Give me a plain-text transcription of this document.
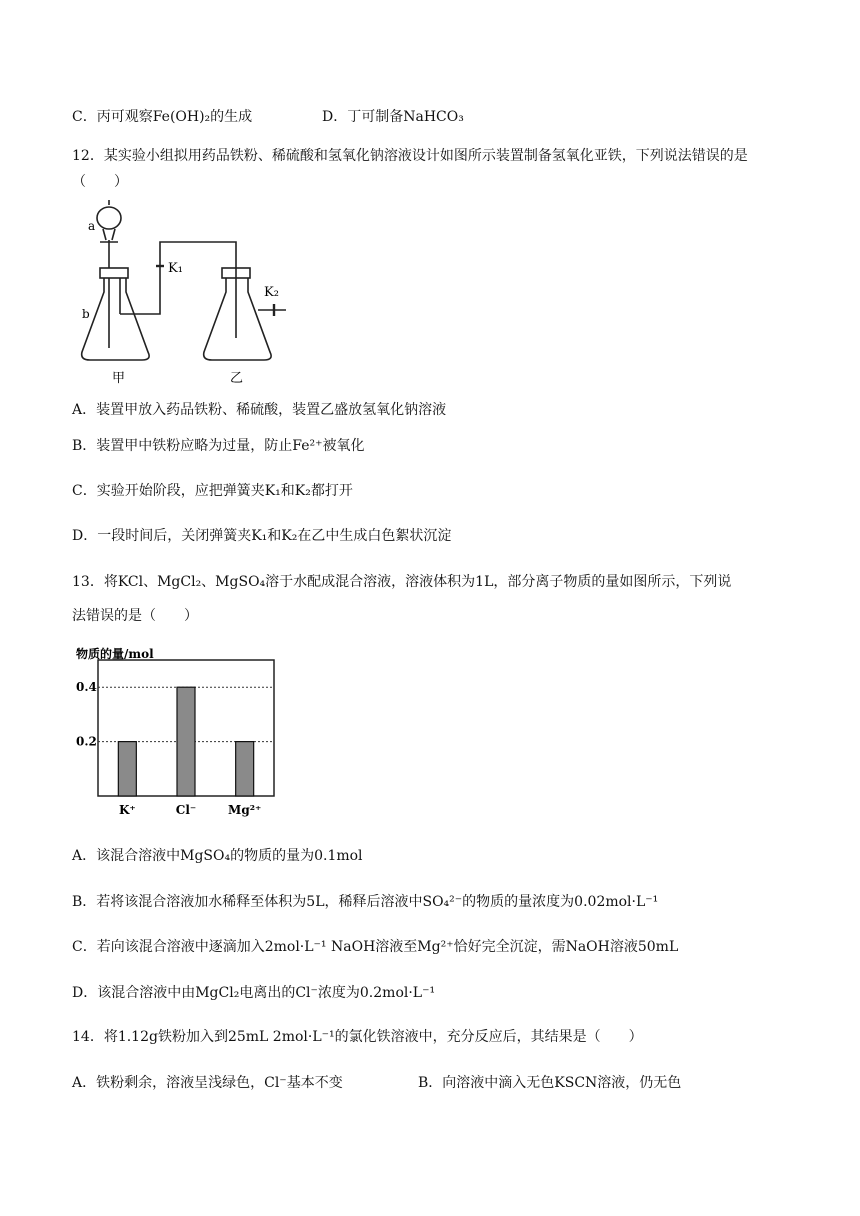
C．丙可观察Fe(OH)₂的生成	D．丁可制备NaHCO₃
12．某实验小组拟用药品铁粉、稀硫酸和氢氧化钠溶液设计如图所示装置制备氢氧化亚铁，下列说法错误的是
（　　）
a
b
K₁
K₂
甲	乙
A．装置甲放入药品铁粉、稀硫酸，装置乙盛放氢氧化钠溶液
B．装置甲中铁粉应略为过量，防止Fe²⁺被氧化
C．实验开始阶段，应把弹簧夹K₁和K₂都打开
D．一段时间后，关闭弹簧夹K₁和K₂在乙中生成白色絮状沉淀
13．将KCl、MgCl₂、MgSO₄溶于水配成混合溶液，溶液体积为1L，部分离子物质的量如图所示，下列说
法错误的是（　　）
物质的量/mol
0.2
0.4
K⁺	Cl⁻	Mg²⁺
A．该混合溶液中MgSO₄的物质的量为0.1mol
B．若将该混合溶液加水稀释至体积为5L，稀释后溶液中SO₄²⁻的物质的量浓度为0.02mol·L⁻¹
C．若向该混合溶液中逐滴加入2mol·L⁻¹ NaOH溶液至Mg²⁺恰好完全沉淀，需NaOH溶液50mL
D．该混合溶液中由MgCl₂电离出的Cl⁻浓度为0.2mol·L⁻¹
14．将1.12g铁粉加入到25mL 2mol·L⁻¹的氯化铁溶液中，充分反应后，其结果是（　　）
A．铁粉剩余，溶液呈浅绿色，Cl⁻基本不变	B．向溶液中滴入无色KSCN溶液，仍无色
